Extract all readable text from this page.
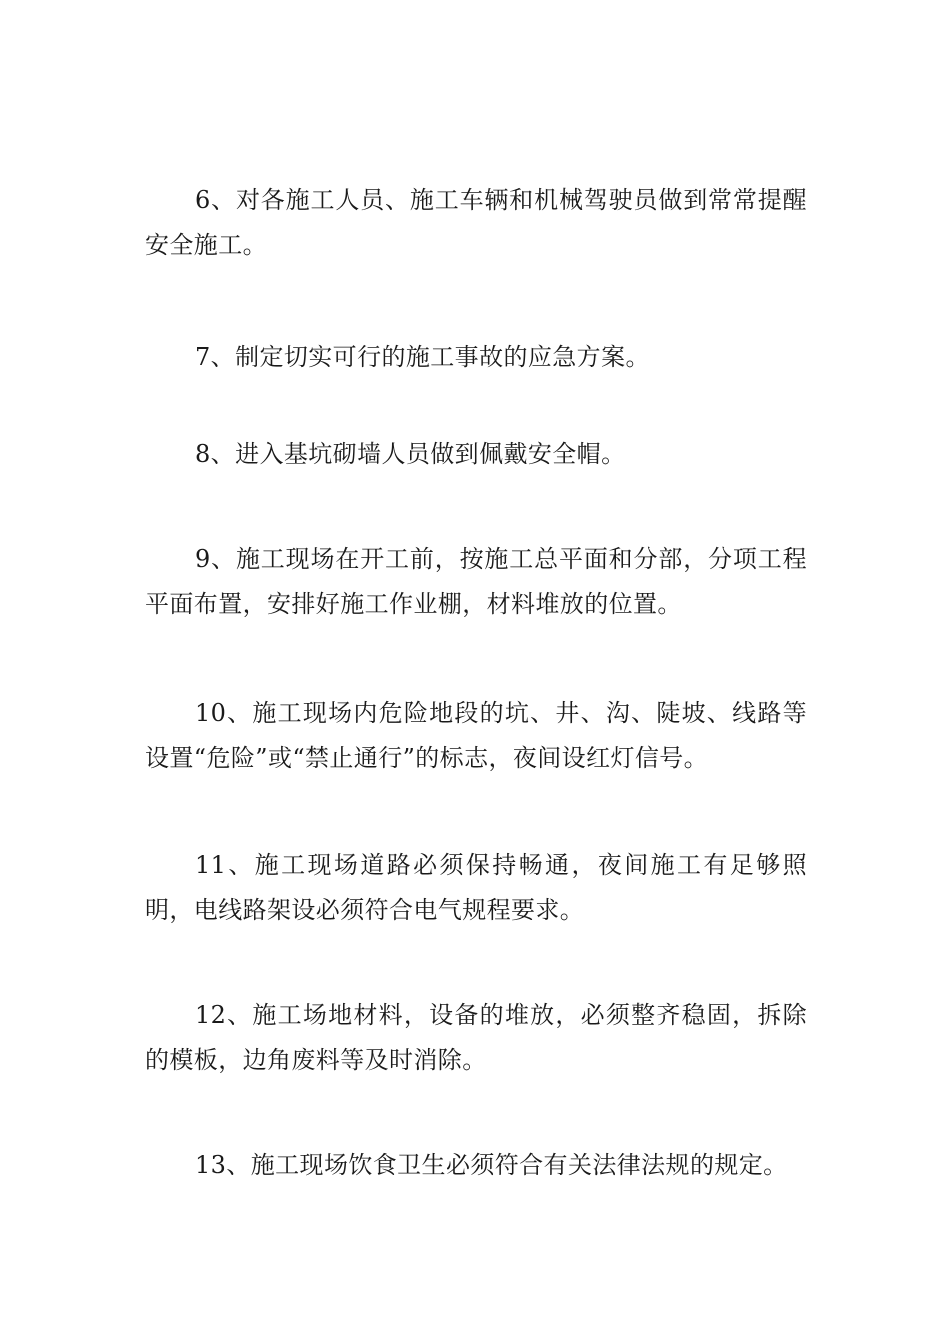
6、对各施工人员、施工车辆和机械驾驶员做到常常提醒安全施工。

7、制定切实可行的施工事故的应急方案。

8、进入基坑砌墙人员做到佩戴安全帽。

9、施工现场在开工前，按施工总平面和分部，分项工程平面布置，安排好施工作业棚，材料堆放的位置。

10、施工现场内危险地段的坑、井、沟、陡坡、线路等设置“危险”或“禁止通行”的标志，夜间设红灯信号。

11、施工现场道路必须保持畅通，夜间施工有足够照明，电线路架设必须符合电气规程要求。

12、施工场地材料，设备的堆放，必须整齐稳固，拆除的模板，边角废料等及时消除。

13、施工现场饮食卫生必须符合有关法律法规的规定。
